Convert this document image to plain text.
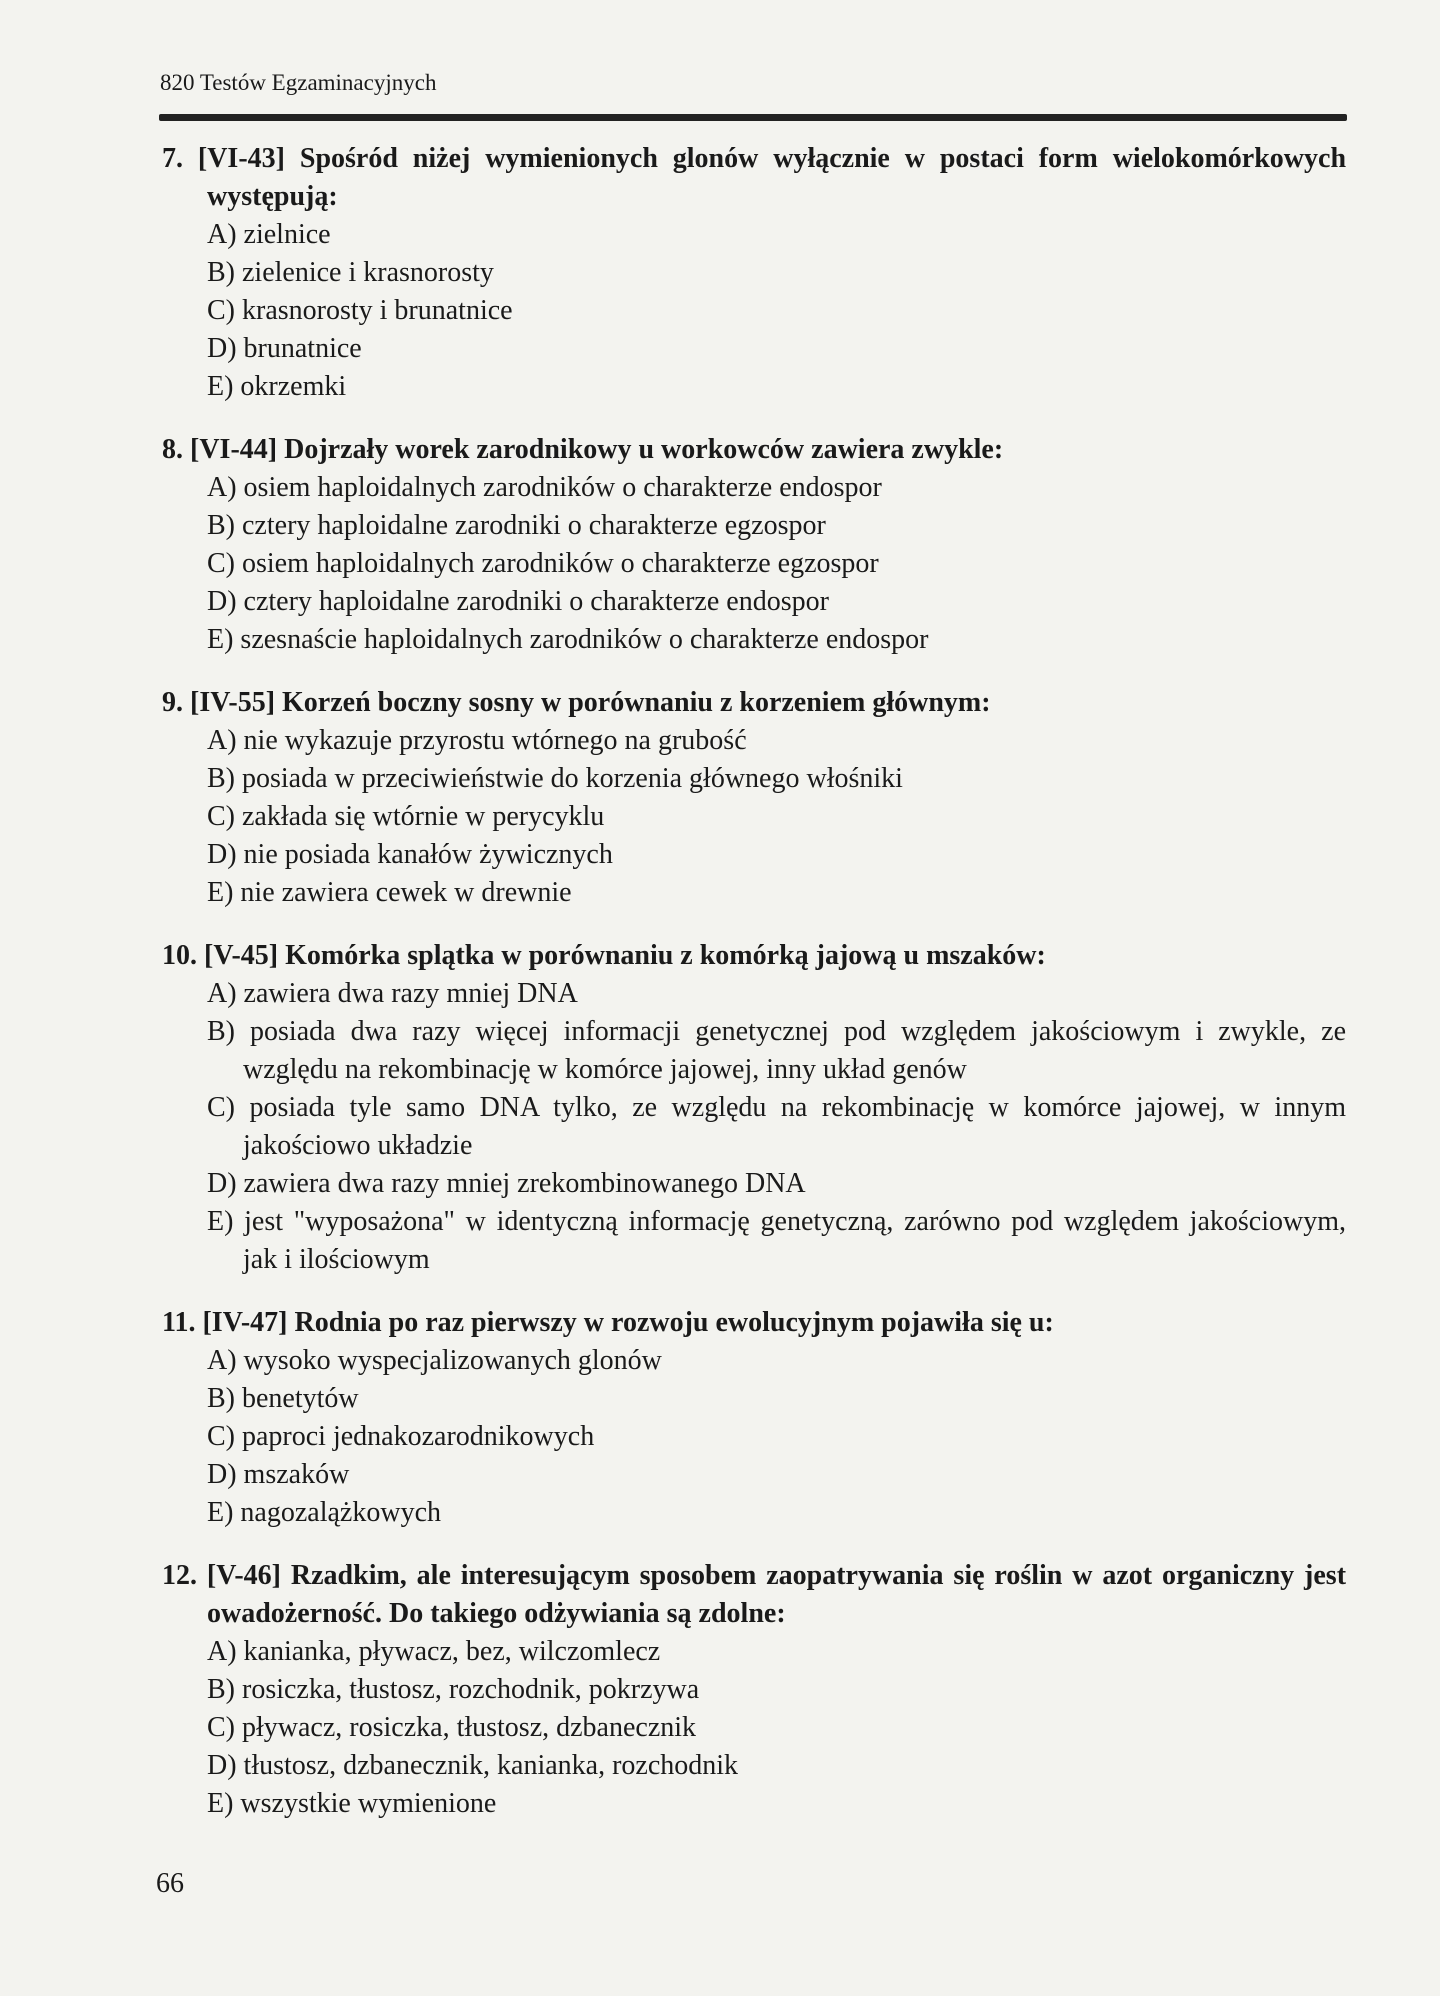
820 Testów Egzaminacyjnych
7. [VI-43] Spośród niżej wymienionych glonów wyłącznie w postaci form wielokomórkowych występują:
A) zielnice
B) zielenice i krasnorosty
C) krasnorosty i brunatnice
D) brunatnice
E) okrzemki
8. [VI-44] Dojrzały worek zarodnikowy u workowców zawiera zwykle:
A) osiem haploidalnych zarodników o charakterze endospor
B) cztery haploidalne zarodniki o charakterze egzospor
C) osiem haploidalnych zarodników o charakterze egzospor
D) cztery haploidalne zarodniki o charakterze endospor
E) szesnaście haploidalnych zarodników o charakterze endospor
9. [IV-55] Korzeń boczny sosny w porównaniu z korzeniem głównym:
A) nie wykazuje przyrostu wtórnego na grubość
B) posiada w przeciwieństwie do korzenia głównego włośniki
C) zakłada się wtórnie w perycyklu
D) nie posiada kanałów żywicznych
E) nie zawiera cewek w drewnie
10. [V-45] Komórka splątka w porównaniu z komórką jajową u mszaków:
A) zawiera dwa razy mniej DNA
B) posiada dwa razy więcej informacji genetycznej pod względem jakościowym i zwykle, ze względu na rekombinację w komórce jajowej, inny układ genów
C) posiada tyle samo DNA tylko, ze względu na rekombinację w komórce jajowej, w innym jakościowo układzie
D) zawiera dwa razy mniej zrekombinowanego DNA
E) jest "wyposażona" w identyczną informację genetyczną, zarówno pod względem jakościowym, jak i ilościowym
11. [IV-47] Rodnia po raz pierwszy w rozwoju ewolucyjnym pojawiła się u:
A) wysoko wyspecjalizowanych glonów
B) benetytów
C) paproci jednakozarodnikowych
D) mszaków
E) nagozalążkowych
12. [V-46] Rzadkim, ale interesującym sposobem zaopatrywania się roślin w azot organiczny jest owadożerność. Do takiego odżywiania są zdolne:
A) kanianka, pływacz, bez, wilczomlecz
B) rosiczka, tłustosz, rozchodnik, pokrzywa
C) pływacz, rosiczka, tłustosz, dzbanecznik
D) tłustosz, dzbanecznik, kanianka, rozchodnik
E) wszystkie wymienione
66
